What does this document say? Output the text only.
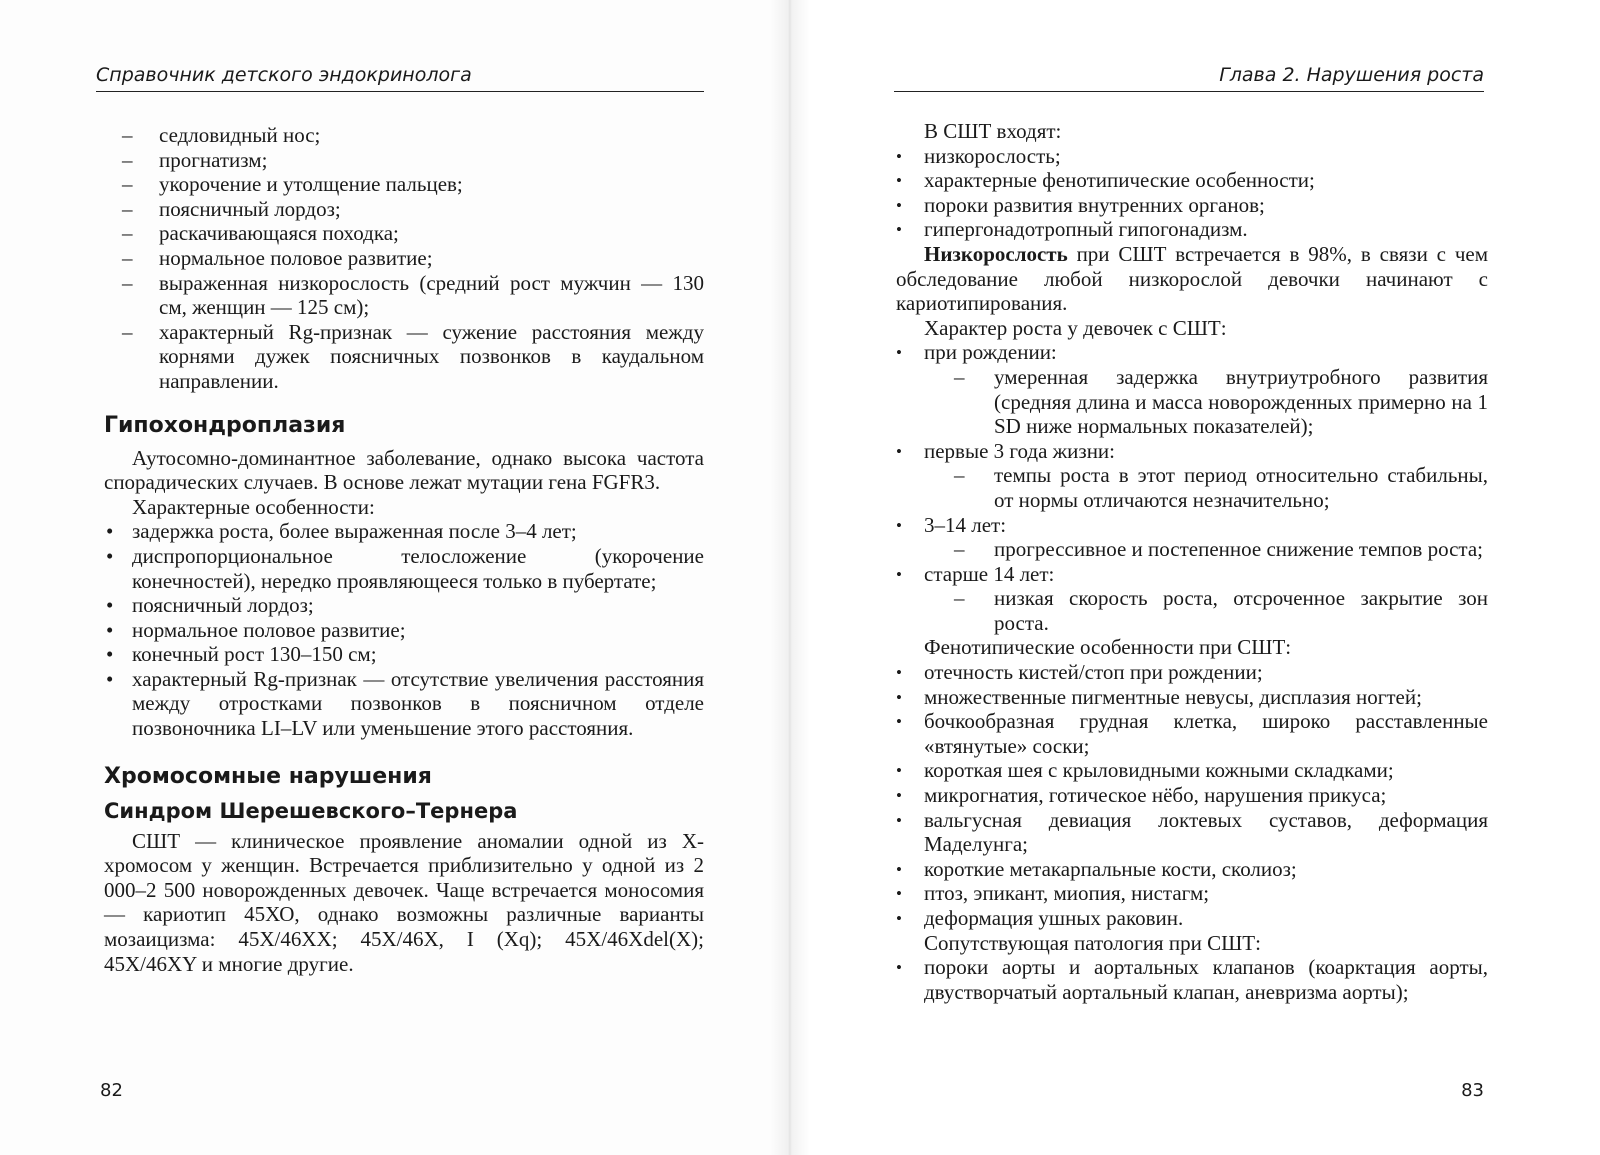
Справочник детского эндокринолога
– седловидный нос;
– прогнатизм;
– укорочение и утолщение пальцев;
– поясничный лордоз;
– раскачивающаяся походка;
– нормальное половое развитие;
– выраженная низкорослость (средний рост мужчин — 130 см, женщин — 125 см);
– характерный Rg-признак — сужение расстояния между корнями дужек поясничных позвонков в каудальном направлении.
Гипохондроплазия

Аутосомно-доминантное заболевание, однако высока частота спорадических случаев. В основе лежат мутации гена FGFR3.

Характерные особенности:

• задержка роста, более выраженная после 3–4 лет;
• диспропорциональное телосложение (укорочение конечностей), нередко проявляющееся только в пубертате;
• поясничный лордоз;
• нормальное половое развитие;
• конечный рост 130–150 см;
• характерный Rg-признак — отсутствие увеличения расстояния между отростками позвонков в поясничном отделе позвоночника LI–LV или уменьшение этого расстояния.
Хромосомные нарушения
Синдром Шерешевского–Тернера

СШТ — клиническое проявление аномалии одной из Х-хромосом у женщин. Встречается приблизительно у одной из 2 000–2 500 новорожденных девочек. Чаще встречается моносомия — кариотип 45ХО, однако возможны различные варианты мозаицизма: 45Х/46ХХ; 45Х/46Х, I (Xq); 45X/46Xdel(X); 45Х/46ХY и многие другие.

82
Глава 2. Нарушения роста

В СШТ входят:

• низкорослость;
• характерные фенотипические особенности;
• пороки развития внутренних органов;
• гипергонадотропный гипогонадизм.

Низкорослость при СШТ встречается в 98%, в связи с чем обследование любой низкорослой девочки начинают с кариотипирования.

Характер роста у девочек с СШТ:

• при рождении:
– умеренная задержка внутриутробного развития (средняя длина и масса новорожденных примерно на 1 SD ниже нормальных показателей);
• первые 3 года жизни:
– темпы роста в этот период относительно стабильны, от нормы отличаются незначительно;
• 3–14 лет:
– прогрессивное и постепенное снижение темпов роста;
• старше 14 лет:
– низкая скорость роста, отсроченное закрытие зон роста.

Фенотипические особенности при СШТ:

• отечность кистей/стоп при рождении;
• множественные пигментные невусы, дисплазия ногтей;
• бочкообразная грудная клетка, широко расставленные «втянутые» соски;
• короткая шея с крыловидными кожными складками;
• микрогнатия, готическое нёбо, нарушения прикуса;
• вальгусная девиация локтевых суставов, деформация Маделунга;
• короткие метакарпальные кости, сколиоз;
• птоз, эпикант, миопия, нистагм;
• деформация ушных раковин.

Сопутствующая патология при СШТ:

• пороки аорты и аортальных клапанов (коарктация аорты, двустворчатый аортальный клапан, аневризма аорты);
83
